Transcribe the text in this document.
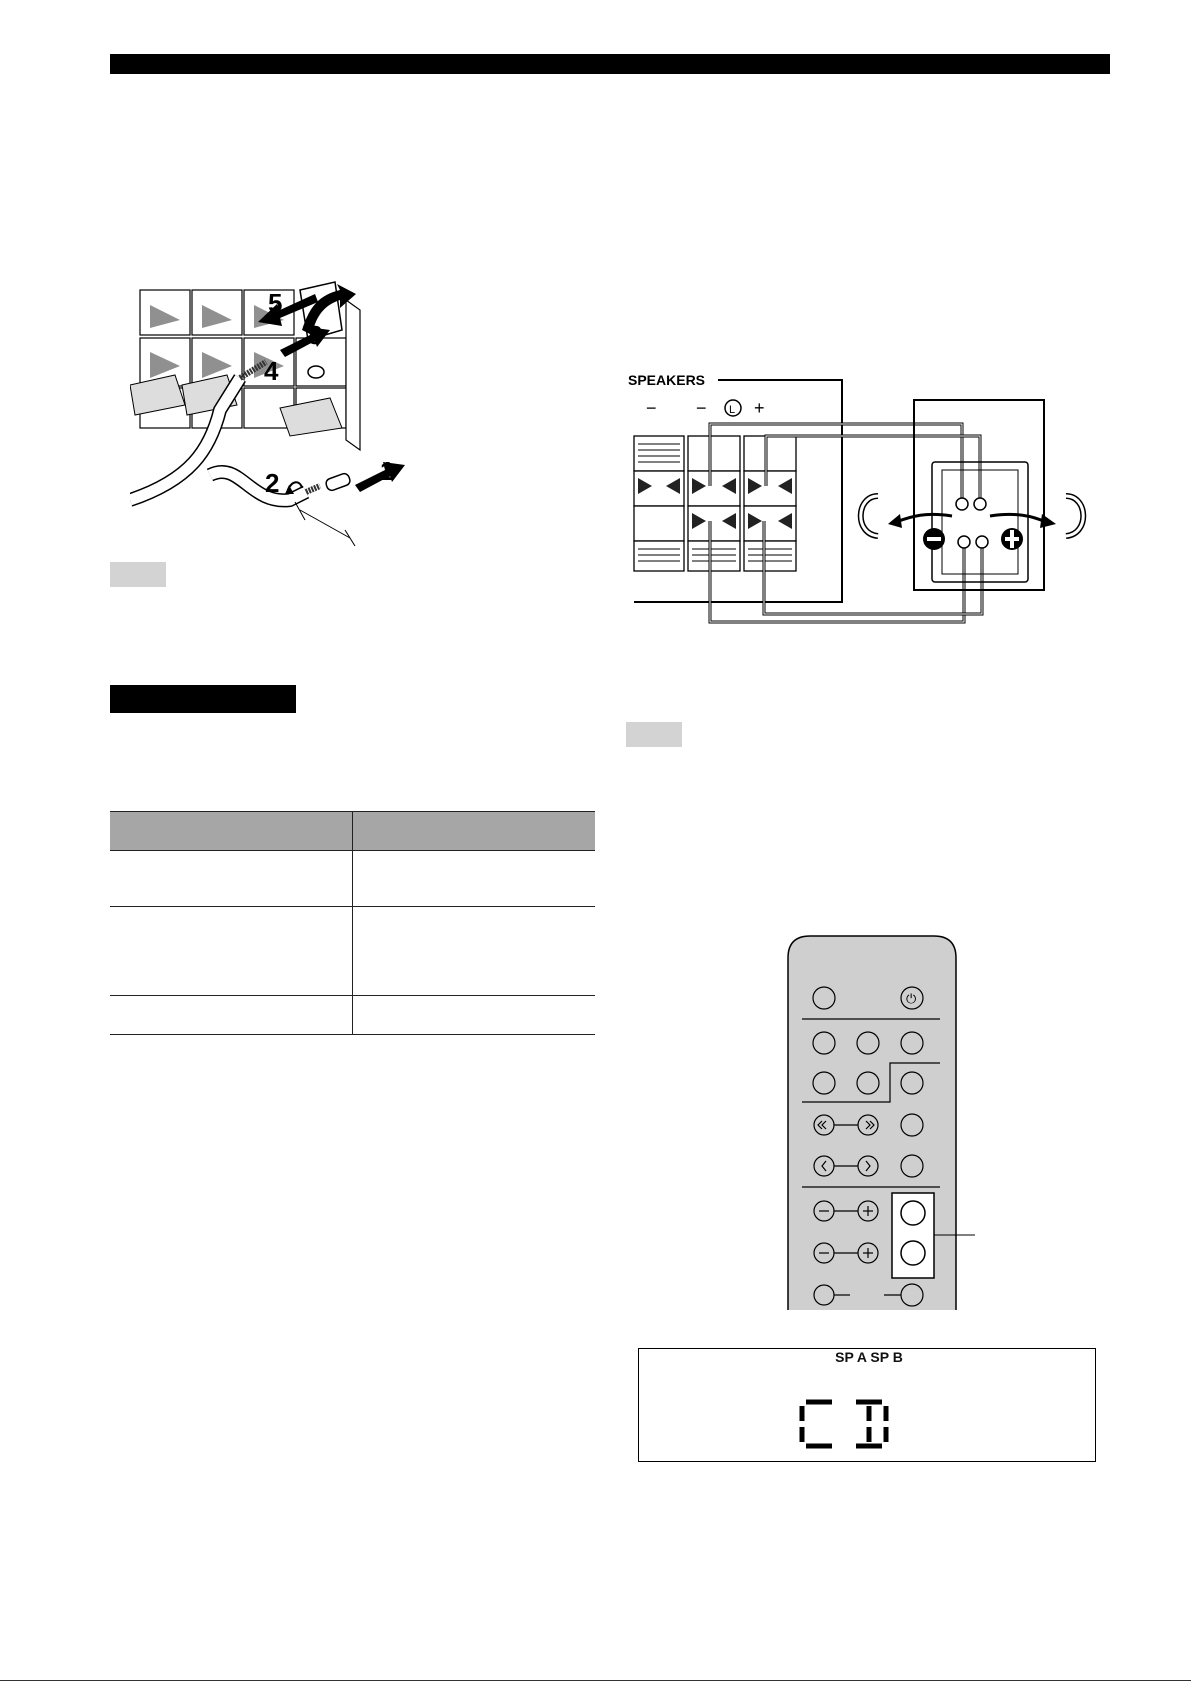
1
2
3
4
5

SPEAKERS
− − L +
⏻
SP A SP B
